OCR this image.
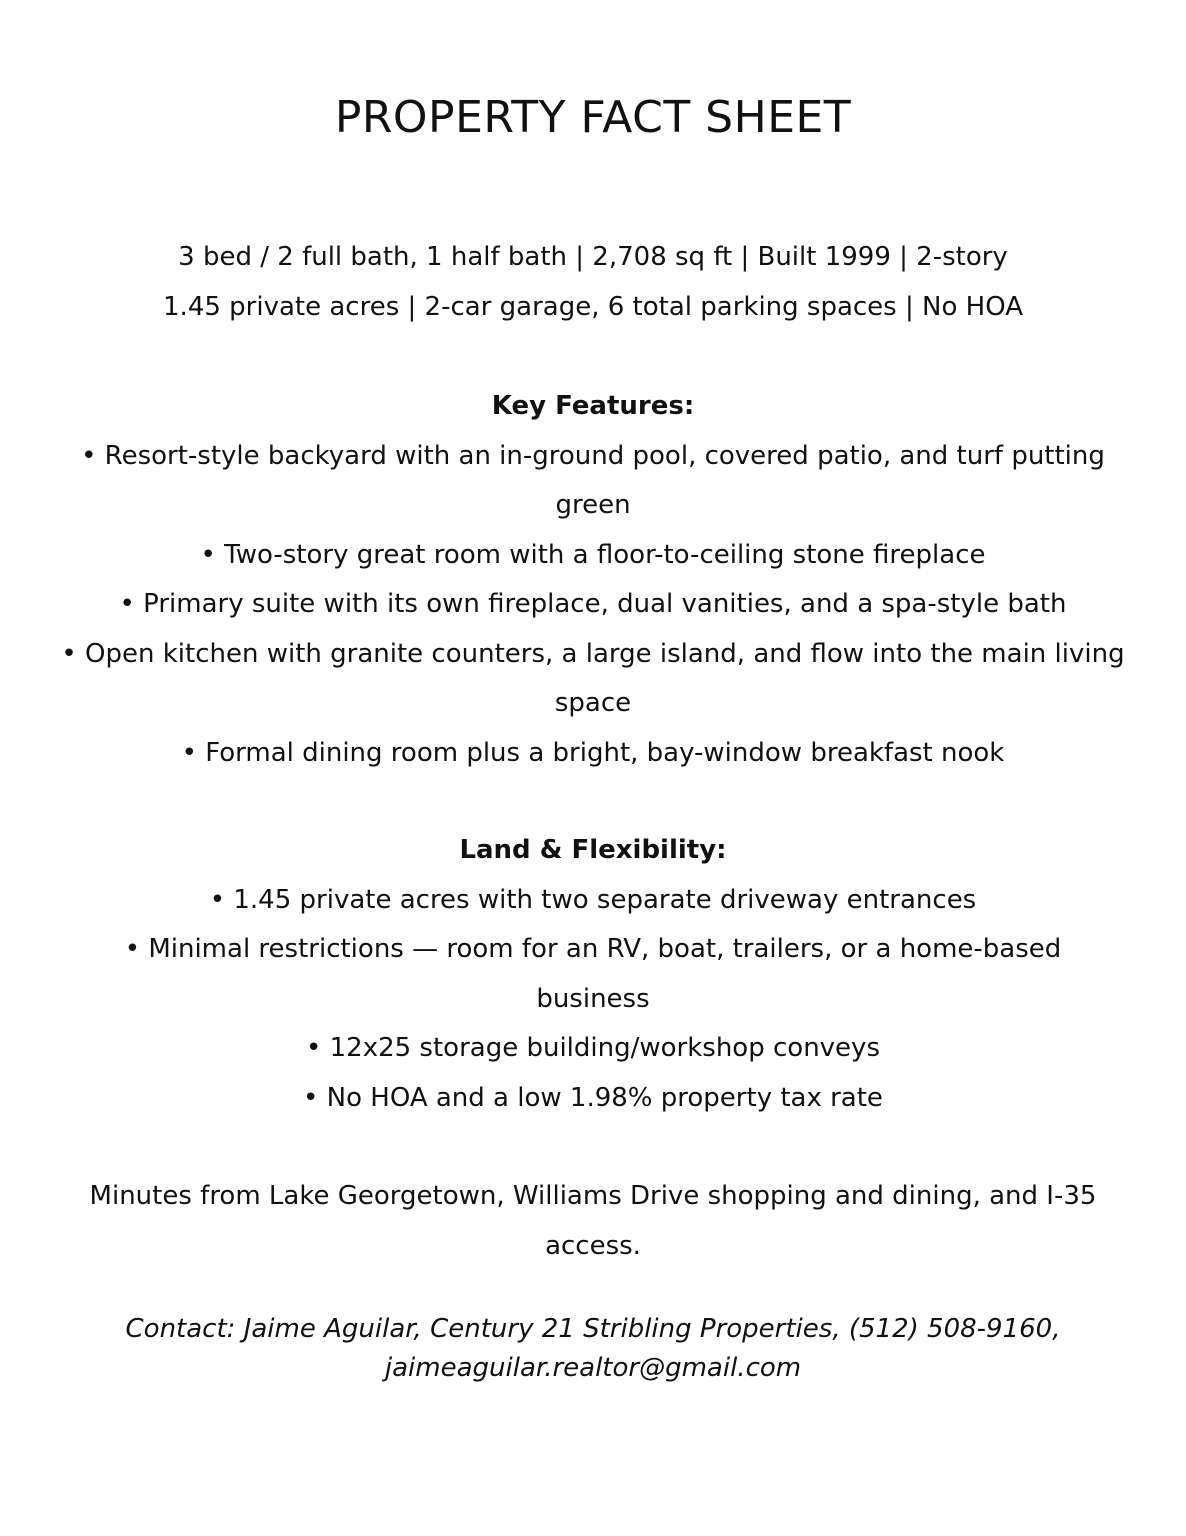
PROPERTY FACT SHEET
3 bed / 2 full bath, 1 half bath | 2,708 sq ft | Built 1999 | 2-story
1.45 private acres | 2-car garage, 6 total parking spaces | No HOA
Key Features:
• Resort-style backyard with an in-ground pool, covered patio, and turf putting green
• Two-story great room with a floor-to-ceiling stone fireplace
• Primary suite with its own fireplace, dual vanities, and a spa-style bath
• Open kitchen with granite counters, a large island, and flow into the main living space
• Formal dining room plus a bright, bay-window breakfast nook
Land & Flexibility:
• 1.45 private acres with two separate driveway entrances
• Minimal restrictions — room for an RV, boat, trailers, or a home-based business
• 12x25 storage building/workshop conveys
• No HOA and a low 1.98% property tax rate
Minutes from Lake Georgetown, Williams Drive shopping and dining, and I-35 access.
Contact: Jaime Aguilar, Century 21 Stribling Properties, (512) 508-9160,
jaimeaguilar.realtor@gmail.com
